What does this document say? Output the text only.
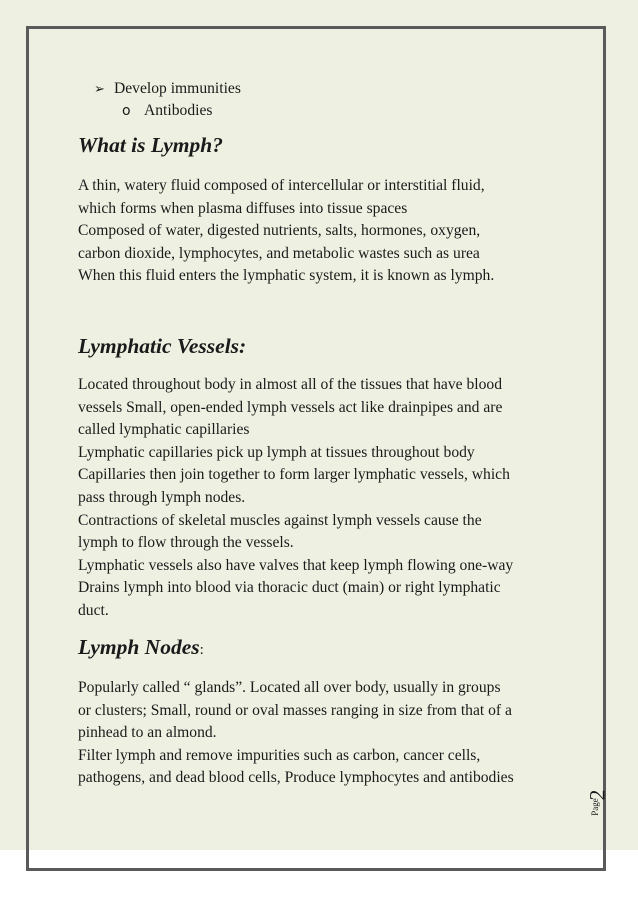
➢ Develop immunities
o Antibodies
What is Lymph?

A thin, watery fluid composed of intercellular or interstitial fluid,

which forms when plasma diffuses into tissue spaces

Composed of water, digested nutrients, salts, hormones, oxygen,

carbon dioxide, lymphocytes, and metabolic wastes such as urea

When this fluid enters the lymphatic system, it is known as lymph.

Lymphatic Vessels:

Located throughout body in almost all of the tissues that have blood

vessels Small, open-ended lymph vessels act like drainpipes and are

called lymphatic capillaries

Lymphatic capillaries pick up lymph at tissues throughout body

Capillaries then join together to form larger lymphatic vessels, which

pass through lymph nodes.

Contractions of skeletal muscles against lymph vessels cause the

lymph to flow through the vessels.

Lymphatic vessels also have valves that keep lymph flowing one-way

Drains lymph into blood via thoracic duct (main) or right lymphatic

duct.

Lymph Nodes:

Popularly called “ glands”. Located all over body, usually in groups

or clusters; Small, round or oval masses ranging in size from that of a

pinhead to an almond.

Filter lymph and remove impurities such as carbon, cancer cells,

pathogens, and dead blood cells, Produce lymphocytes and antibodies

Page
2
